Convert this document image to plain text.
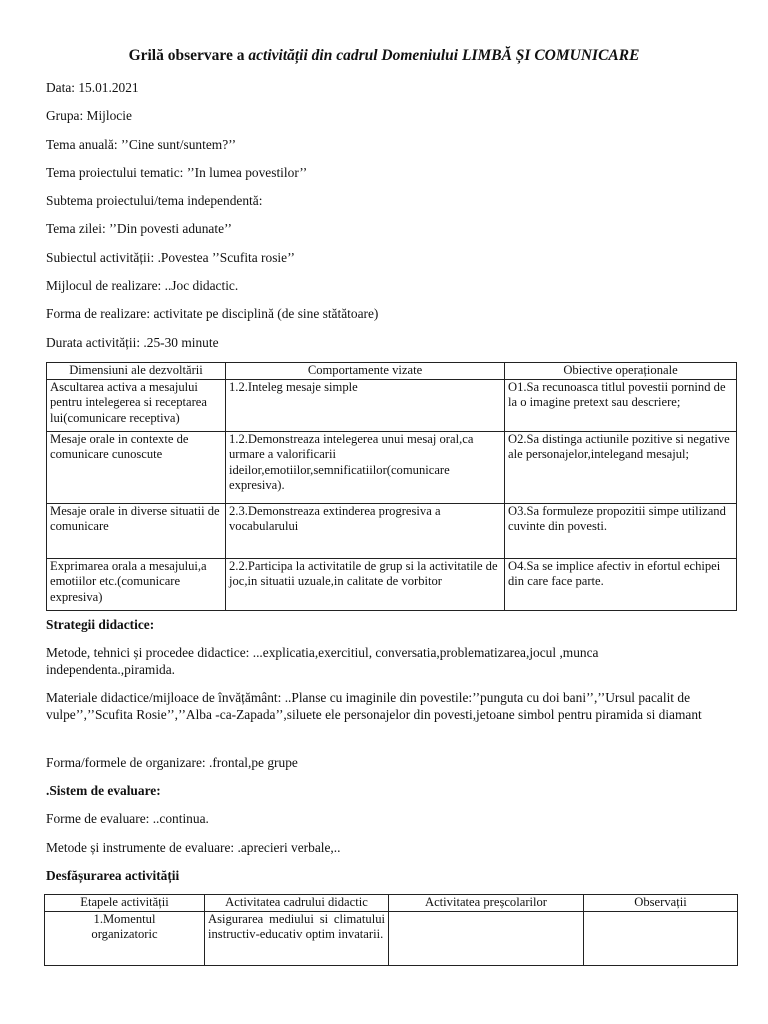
Grilă observare a activității din cadrul Domeniului LIMBĂ ȘI COMUNICARE
Data: 15.01.2021
Grupa: Mijlocie
Tema anuală: ’’Cine sunt/suntem?’’
Tema proiectului tematic: ’’In lumea povestilor’’
Subtema proiectului/tema independentă:
Tema zilei: ’’Din povesti adunate’’
Subiectul activității: .Povestea ’’Scufita rosie’’
Mijlocul de realizare: ..Joc didactic.
Forma de realizare: activitate pe disciplină (de sine stătătoare)
Durata activității: .25-30 minute
Dimensiuni ale dezvoltării	Comportamente vizate	Obiective operaționale
Ascultarea activa a mesajului pentru intelegerea si receptarea lui(comunicare receptiva)	1.2.Inteleg mesaje simple	O1.Sa recunoasca titlul povestii pornind de la o imagine pretext sau descriere;
Mesaje orale in contexte de comunicare cunoscute	1.2.Demonstreaza intelegerea unui mesaj oral,ca urmare a valorificarii ideilor,emotiilor,semnificatiilor(comunicare expresiva).	O2.Sa distinga actiunile pozitive si negative ale personajelor,intelegand mesajul;
Mesaje orale in diverse situatii de comunicare	2.3.Demonstreaza extinderea progresiva a vocabularului	O3.Sa formuleze propozitii simpe utilizand cuvinte din povesti.
Exprimarea orala a mesajului,a emotiilor etc.(comunicare expresiva)	2.2.Participa la activitatile de grup si la activitatile de joc,in situatii uzuale,in calitate de vorbitor	O4.Sa se implice afectiv in efortul echipei din care face parte.
Strategii didactice:
Metode, tehnici și procedee didactice: ...explicatia,exercitiul, conversatia,problematizarea,jocul ,munca independenta.,piramida.
Materiale didactice/mijloace de învățământ: ..Planse cu imaginile din povestile:’’punguta cu doi bani’’,’’Ursul pacalit de vulpe’’,’’Scufita Rosie’’,’’Alba -ca-Zapada’’,siluete ele personajelor din povesti,jetoane simbol pentru piramida si diamant
Forma/formele de organizare: .frontal,pe grupe
.Sistem de evaluare:
Forme de evaluare: ..continua.
Metode și instrumente de evaluare: .aprecieri verbale,..
Desfășurarea activității
Etapele activității	Activitatea cadrului didactic	Activitatea preșcolarilor	Observații
1.Momentul organizatoric	Asigurarea mediului si climatului instructiv-educativ optim invatarii.		
